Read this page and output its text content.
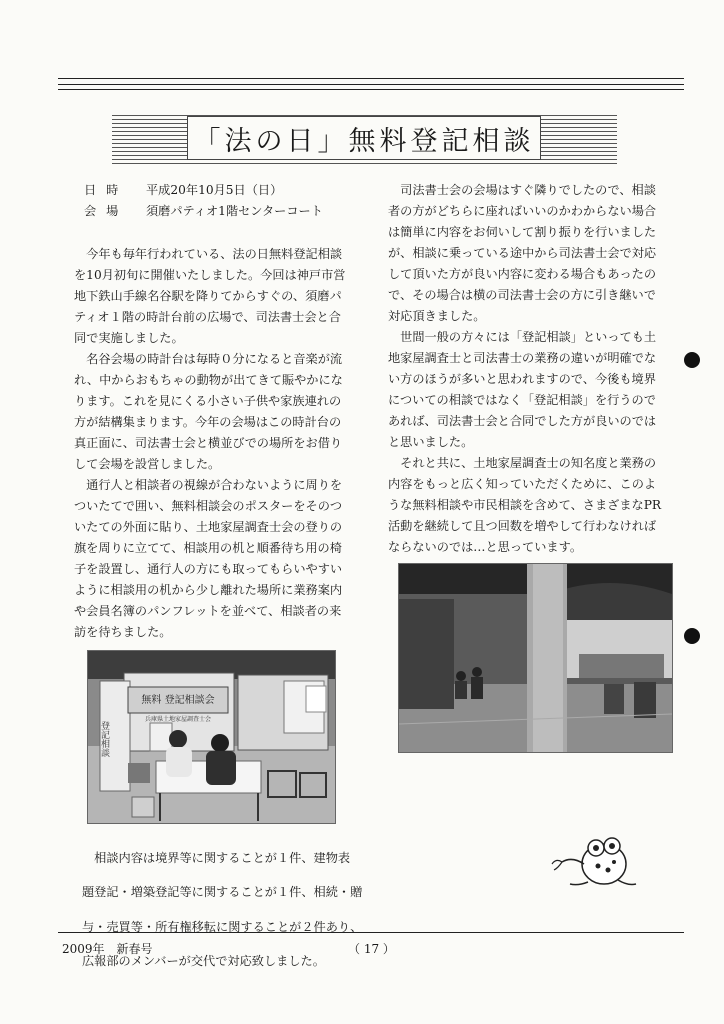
「法の日」無料登記相談
日時	平成20年10月5日（日）
会場	須磨パティオ1階センターコート

　今年も毎年行われている、法の日無料登記相談

を10月初旬に開催いたしました。今回は神戸市営

地下鉄山手線名谷駅を降りてからすぐの、須磨パ

ティオ１階の時計台前の広場で、司法書士会と合

同で実施しました。

　名谷会場の時計台は毎時０分になると音楽が流

れ、中からおもちゃの動物が出てきて賑やかにな

ります。これを見にくる小さい子供や家族連れの

方が結構集まります。今年の会場はこの時計台の

真正面に、司法書士会と横並びでの場所をお借り

して会場を設営しました。

　通行人と相談者の視線が合わないように周りを

ついたてで囲い、無料相談会のポスターをそのつ

いたての外面に貼り、土地家屋調査士会の登りの

旗を周りに立てて、相談用の机と順番待ち用の椅

子を設置し、通行人の方にも取ってもらいやすい

ように相談用の机から少し離れた場所に業務案内

や会員名簿のパンフレットを並べて、相談者の来

訪を待ちました。

　司法書士会の会場はすぐ隣りでしたので、相談

者の方がどちらに座ればいいのかわからない場合

は簡単に内容をお伺いして割り振りを行いました

が、相談に乗っている途中から司法書士会で対応

して頂いた方が良い内容に変わる場合もあったの

で、その場合は横の司法書士会の方に引き継いで

対応頂きました。

　世間一般の方々には「登記相談」といっても土

地家屋調査士と司法書士の業務の違いが明確でな

い方のほうが多いと思われますので、今後も境界

についての相談ではなく「登記相談」を行うので

あれば、司法書士会と合同でした方が良いのでは

と思いました。

　それと共に、土地家屋調査士の知名度と業務の

内容をもっと広く知っていただくために、このよ

うな無料相談や市民相談を含めて、さまざまなPR

活動を継続して且つ回数を増やして行わなければ

ならないのでは…と思っています。

無料 登記相談会
兵庫県土地家屋調査士会
登記相談

　相談内容は境界等に関することが１件、建物表

題登記・増築登記等に関することが１件、相続・贈

与・売買等・所有権移転に関することが２件あり、

広報部のメンバーが交代で対応致しました。

2009年　新春号	（ 17 ）
